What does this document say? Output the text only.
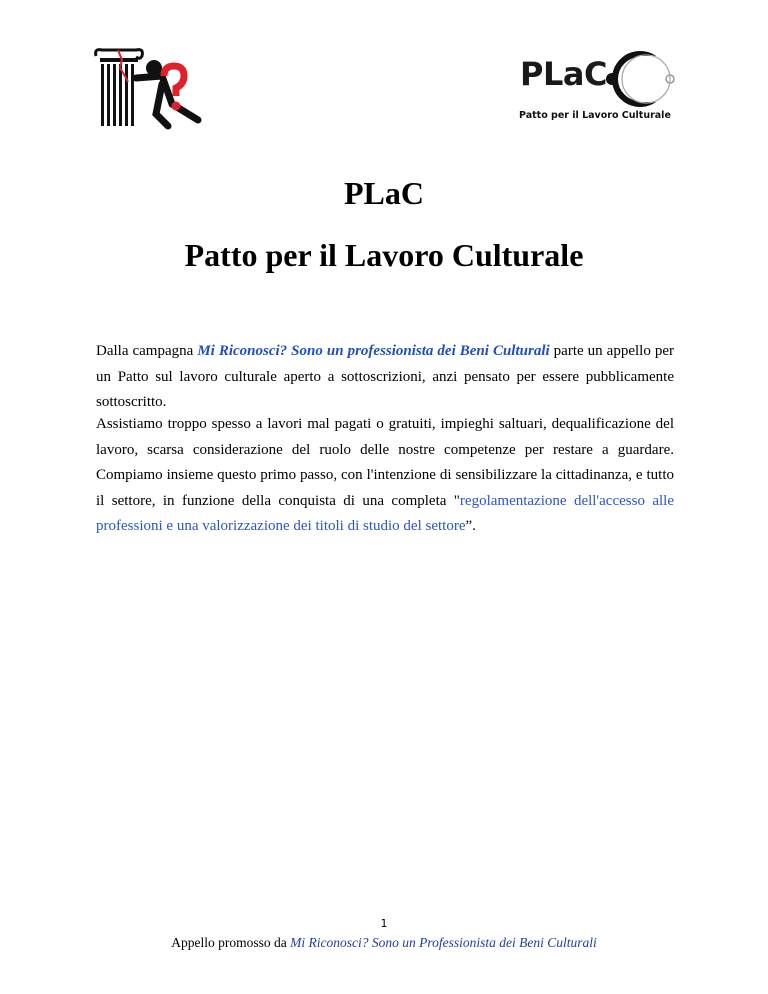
PLaC
Patto per il Lavoro Culturale
PLaC
Patto per il Lavoro Culturale
Dalla campagna Mi Riconosci? Sono un professionista dei Beni Culturali parte un appello per un Patto sul lavoro culturale aperto a sottoscrizioni, anzi pensato per essere pubblicamente sottoscritto.
Assistiamo troppo spesso a lavori mal pagati o gratuiti, impieghi saltuari, dequalificazione del lavoro, scarsa considerazione del ruolo delle nostre competenze per restare a guardare. Compiamo insieme questo primo passo, con l'intenzione di sensibilizzare la cittadinanza, e tutto il settore, in funzione della conquista di una completa "regolamentazione dell'accesso alle professioni e una valorizzazione dei titoli di studio del settore”.
1
Appello promosso da Mi Riconosci? Sono un Professionista dei Beni Culturali
